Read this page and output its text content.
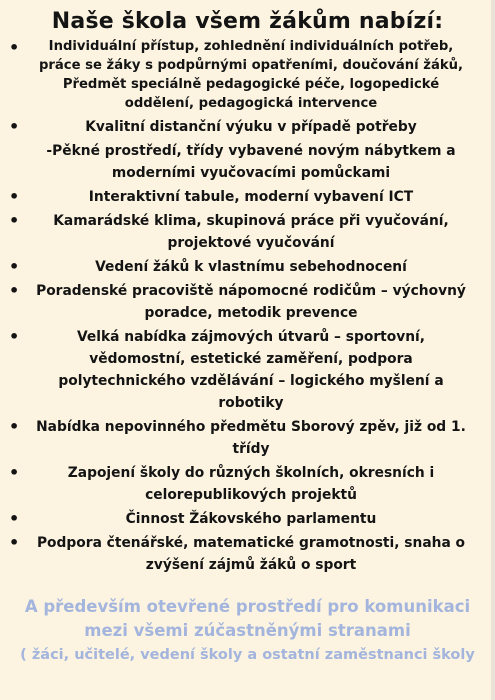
Naše škola všem žákům nabízí:
•	Individuální přístup, zohlednění individuálních potřeb, práce se žáky s podpůrnými opatřeními, doučování žáků, Předmět speciálně pedagogické péče, logopedické oddělení, pedagogická intervence
•	Kvalitní distanční výuku v případě potřeby
-Pěkné prostředí, třídy vybavené novým nábytkem a moderními vyučovacími pomůckami
•	Interaktivní tabule, moderní vybavení ICT
•	Kamarádské klima, skupinová práce při vyučování, projektové vyučování
•	Vedení žáků k vlastnímu sebehodnocení
•	Poradenské pracoviště nápomocné rodičům – výchovný poradce, metodik prevence
•	Velká nabídka zájmových útvarů – sportovní, vědomostní, estetické zaměření, podpora polytechnického vzdělávání – logického myšlení a robotiky
•	Nabídka nepovinného předmětu Sborový zpěv, již od 1. třídy
•	Zapojení školy do různých školních, okresních i celorepublikových projektů
•	Činnost Žákovského parlamentu
•	Podpora čtenářské, matematické gramotnosti, snaha o zvýšení zájmů žáků o sport
A především otevřené prostředí pro komunikaci
mezi všemi zúčastněnými stranami
( žáci, učitelé, vedení školy a ostatní zaměstnanci školy
